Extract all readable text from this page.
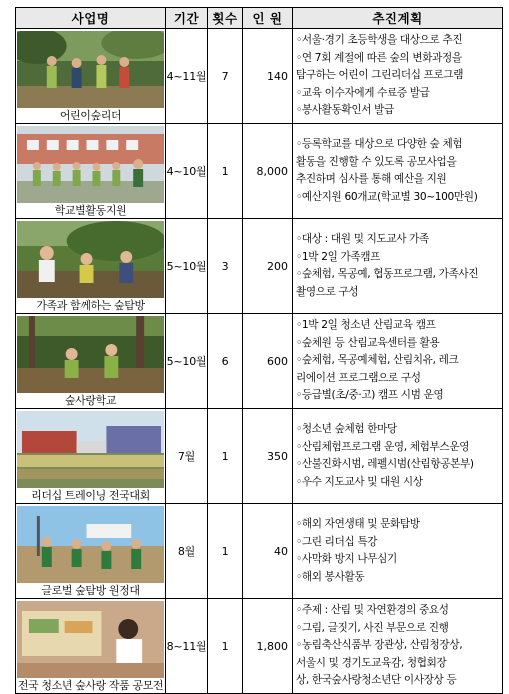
사업명	기간	횟수	인 원	추진계획

어린이숲리더	4~11월	7	140	◦서울·경기 초등학생을 대상으로 추진
◦연 7회 계절에 따른 숲의 변화과정을
탐구하는 어린이 그린리더십 프로그램
◦교육 이수자에게 수료증 발급
◦봉사활동확인서 발급

학교별활동지원	4~10월	1	8,000	◦등록학교를 대상으로 다양한 숲 체험
활동을 진행할 수 있도록 공모사업을
추진하며 심사를 통해 예산을 지원
◦예산지원 60개교(학교별 30~100만원)

가족과 함께하는 숲탐방	5~10월	3	200	◦대상 : 대원 및 지도교사 가족
◦1박 2일 가족캠프
◦숲체험, 목공예, 협동프로그램, 가족사진
촬영으로 구성

숲사랑학교	5~10월	6	600	◦1박 2일 청소년 산림교육 캠프
◦숲체원 등 산림교육센터를 활용
◦숲체험, 목공예체험, 산림치유, 레크
리에이션 프로그램으로 구성
◦등급별(초/중·고) 캠프 시범 운영

리더십 트레이닝 전국대회	7월	1	350	◦청소년 숲체험 한마당
◦산림체험프로그램 운영, 체험부스운영
◦산불진화시범, 레펠시범(산림항공본부)
◦우수 지도교사 및 대원 시상

글로벌 숲탐방 원정대	8월	1	40	◦해외 자연생태 및 문화탐방
◦그린 리더십 특강
◦사막화 방지 나무심기
◦해외 봉사활동

전국 청소년 숲사랑 작품 공모전	8~11월	1	1,800	◦주제 : 산림 및 자연환경의 중요성
◦그림, 글짓기, 사진 부문으로 진행
◦농림축산식품부 장관상, 산림청장상,
서울시 및 경기도교육감, 청협회장
상, 한국숲사랑청소년단 이사장상 등
